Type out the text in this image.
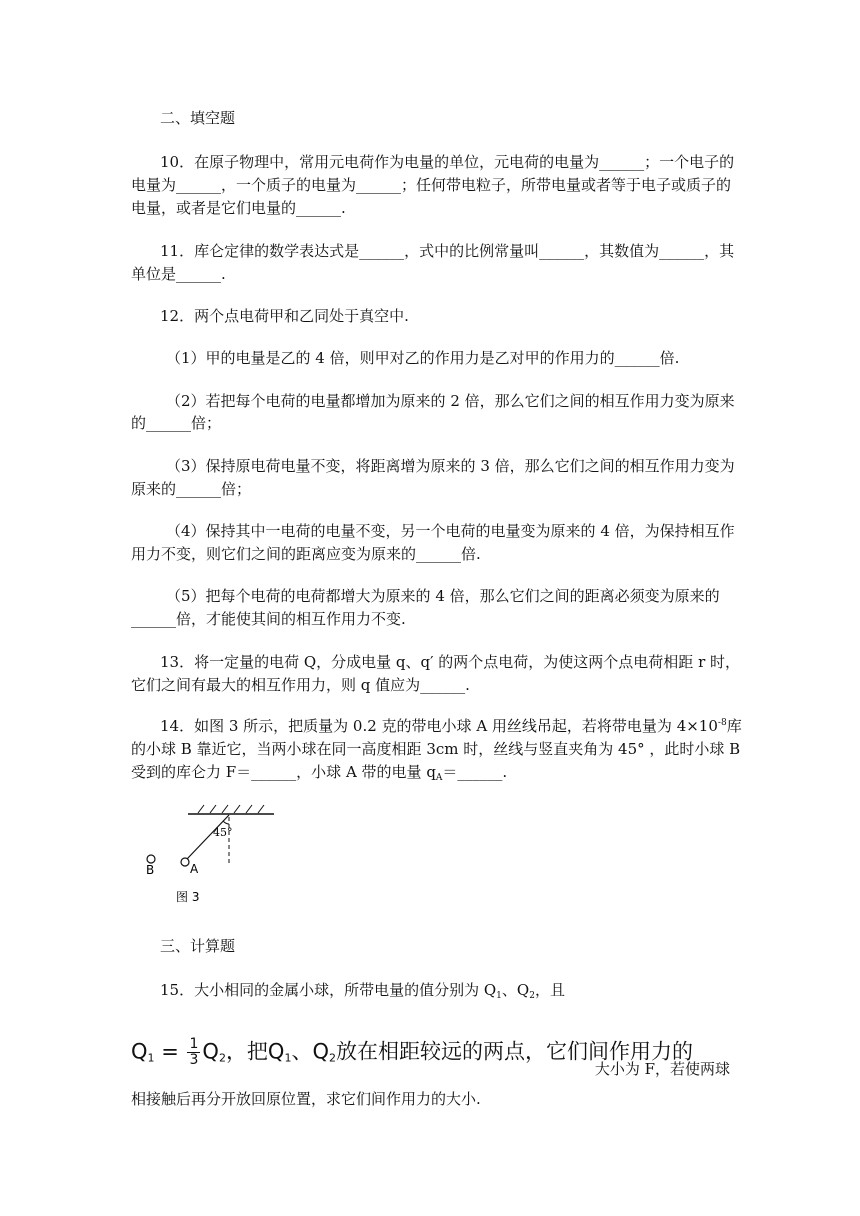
二、填空题
10．在原子物理中，常用元电荷作为电量的单位，元电荷的电量为______；一个电子的
电量为______，一个质子的电量为______；任何带电粒子，所带电量或者等于电子或质子的
电量，或者是它们电量的______.
11．库仑定律的数学表达式是______，式中的比例常量叫______，其数值为______，其
单位是______.
12．两个点电荷甲和乙同处于真空中.
（1）甲的电量是乙的 4 倍，则甲对乙的作用力是乙对甲的作用力的______倍.
（2）若把每个电荷的电量都增加为原来的 2 倍，那么它们之间的相互作用力变为原来
的______倍；
（3）保持原电荷电量不变，将距离增为原来的 3 倍，那么它们之间的相互作用力变为
原来的______倍；
（4）保持其中一电荷的电量不变，另一个电荷的电量变为原来的 4 倍，为保持相互作
用力不变，则它们之间的距离应变为原来的______倍.
（5）把每个电荷的电荷都增大为原来的 4 倍，那么它们之间的距离必须变为原来的
______倍，才能使其间的相互作用力不变.
13．将一定量的电荷 Q，分成电量 q、q′ 的两个点电荷，为使这两个点电荷相距 r 时，
它们之间有最大的相互作用力，则 q 值应为______.
14．如图 3 所示，把质量为 0.2 克的带电小球 A 用丝线吊起，若将带电量为 $4\times 10^{-8}$库
的小球 B 靠近它，当两小球在同一高度相距 3cm 时，丝线与竖直夹角为 45° ，此时小球 B
受到的库仑力 F＝______，小球 A 带的电量 $q_A=\_\_\_\_\_\_$.
45°
A
B
图 3
三、计算题
15．大小相同的金属小球，所带电量的值分别为 $Q_1$、$Q_2$，且
$Q_1 = \frac{1}{3} Q_2$，把$Q_1$、$Q_2$放在相距较远的两点，它们间作用力的
大小为 F，若使两球
相接触后再分开放回原位置，求它们间作用力的大小.
